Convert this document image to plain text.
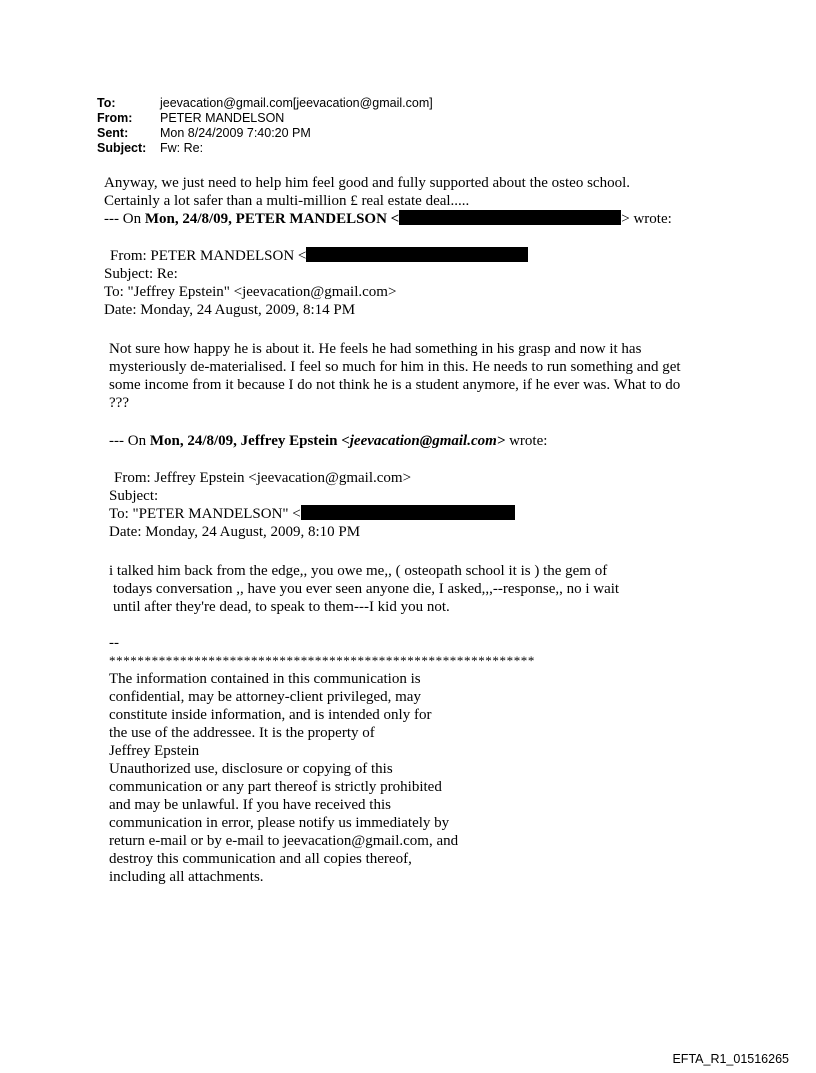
To:	jeevacation@gmail.com[jeevacation@gmail.com]
From:	PETER MANDELSON
Sent:	Mon 8/24/2009 7:40:20 PM
Subject:	Fw: Re:
Anyway, we just need to help him feel good and fully supported about the osteo school.
Certainly a lot safer than a multi-million £ real estate deal.....
--- On Mon, 24/8/09, PETER MANDELSON <	> wrote:
From: PETER MANDELSON <
Subject: Re:
To: "Jeffrey Epstein" <jeevacation@gmail.com>
Date: Monday, 24 August, 2009, 8:14 PM
Not sure how happy he is about it. He feels he had something in his grasp and now it has
mysteriously de-materialised. I feel so much for him in this. He needs to run something and get
some income from it because I do not think he is a student anymore, if he ever was. What to do
???
--- On Mon, 24/8/09, Jeffrey Epstein <jeevacation@gmail.com> wrote:
From: Jeffrey Epstein <jeevacation@gmail.com>
Subject:
To: "PETER MANDELSON" <
Date: Monday, 24 August, 2009, 8:10 PM
i talked him back from the edge,, you owe me,, ( osteopath school it is ) the gem of
todays conversation ,, have you ever seen anyone die, I asked,,,--response,, no i wait
until after they're dead, to speak to them---I kid you not.
--
************************************************************
The information contained in this communication is
confidential, may be attorney-client privileged, may
constitute inside information, and is intended only for
the use of the addressee. It is the property of
Jeffrey Epstein
Unauthorized use, disclosure or copying of this
communication or any part thereof is strictly prohibited
and may be unlawful. If you have received this
communication in error, please notify us immediately by
return e-mail or by e-mail to jeevacation@gmail.com, and
destroy this communication and all copies thereof,
including all attachments.
EFTA_R1_01516265
